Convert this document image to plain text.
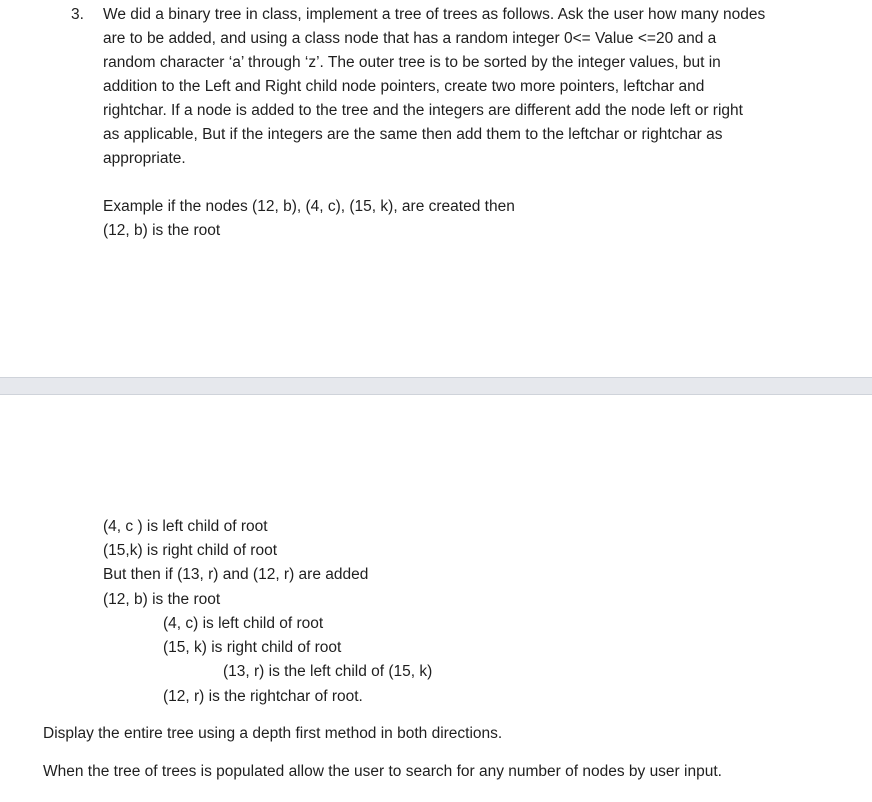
3. We did a binary tree in class, implement a tree of trees as follows. Ask the user how many nodes
are to be added, and using a class node that has a random integer 0<= Value <=20 and a
random character ‘a’ through ‘z’. The outer tree is to be sorted by the integer values, but in
addition to the Left and Right child node pointers, create two more pointers, leftchar and
rightchar. If a node is added to the tree and the integers are different add the node left or right
as applicable, But if the integers are the same then add them to the leftchar or rightchar as
appropriate.
Example if the nodes (12, b), (4, c), (15, k), are created then
(12, b) is the root
(4, c ) is left child of root
(15,k) is right child of root
But then if (13, r) and (12, r) are added
(12, b) is the root
(4, c) is left child of root
(15, k) is right child of root
(13, r) is the left child of (15, k)
(12, r) is the rightchar of root.
Display the entire tree using a depth first method in both directions.
When the tree of trees is populated allow the user to search for any number of nodes by user input.
